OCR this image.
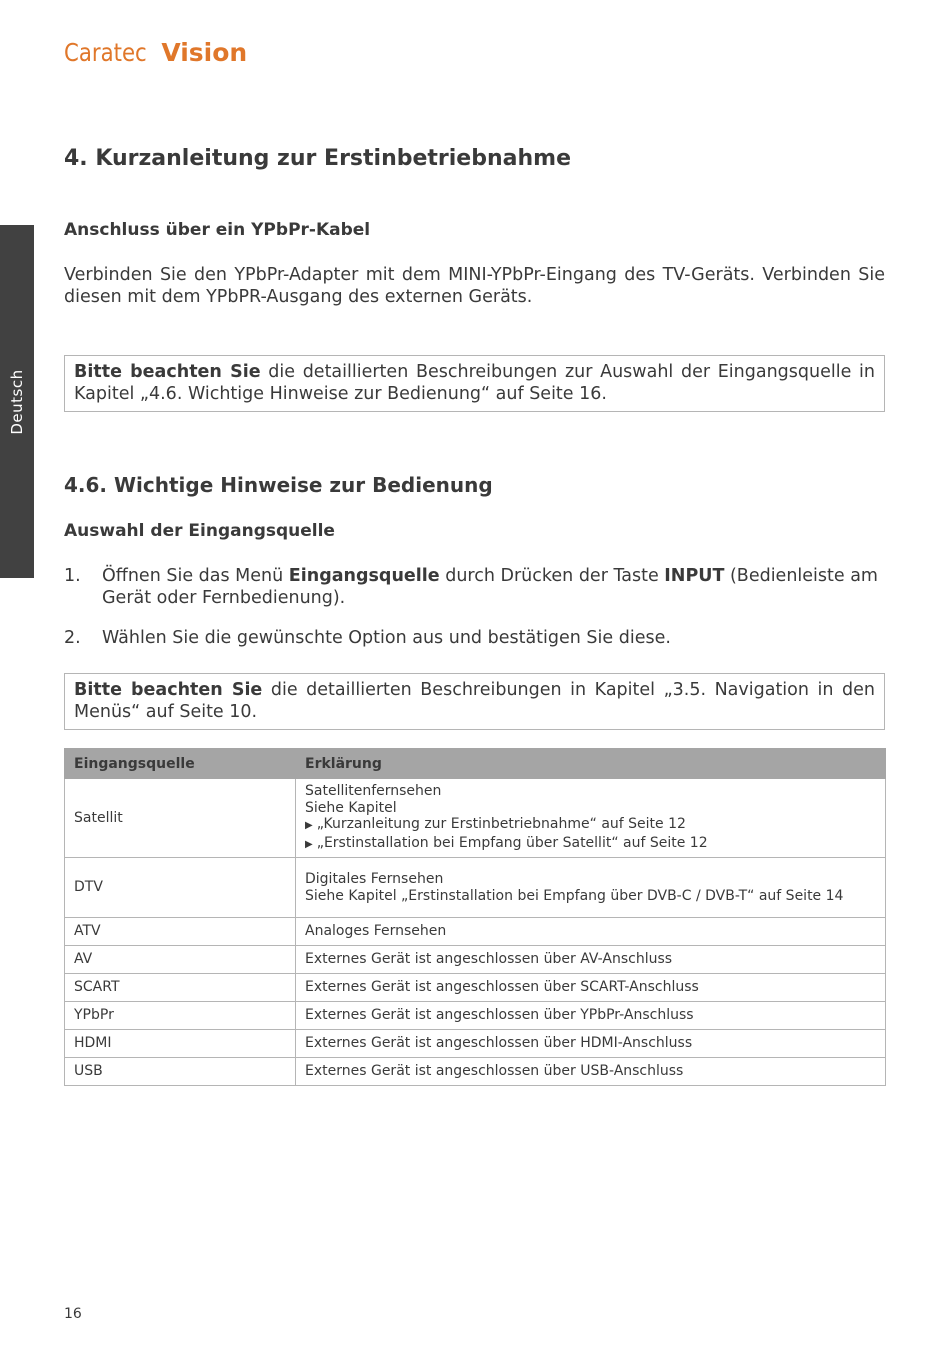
Caratec Vision
Deutsch
4. Kurzanleitung zur Erstinbetriebnahme
Anschluss über ein YPbPr-Kabel

Verbinden Sie den YPbPr-Adapter mit dem MINI-YPbPr-Eingang des TV-Geräts. Verbinden Sie diesen mit dem YPbPR-Ausgang des externen Geräts.

Bitte beachten Sie die detaillierten Beschreibungen zur Auswahl der Eingangsquelle in Kapitel „4.6. Wichtige Hinweise zur Bedienung“ auf Seite 16.
4.6. Wichtige Hinweise zur Bedienung
Auswahl der Eingangsquelle
1. Öffnen Sie das Menü Eingangsquelle durch Drücken der Taste INPUT (Bedienleiste am Gerät oder Fernbedienung).
2. Wählen Sie die gewünschte Option aus und bestätigen Sie diese.
Bitte beachten Sie die detaillierten Beschreibungen in Kapitel „3.5. Navigation in den Menüs“ auf Seite 10.
Eingangsquelle	Erklärung
Satellit	Satellitenfernsehen
Siehe Kapitel
▶ „Kurzanleitung zur Erstinbetriebnahme“ auf Seite 12
▶ „Erstinstallation bei Empfang über Satellit“ auf Seite 12

DTV	Digitales Fernsehen
Siehe Kapitel „Erstinstallation bei Empfang über DVB-C / DVB-T“ auf Seite 14

ATV	Analoges Fernsehen
AV	Externes Gerät ist angeschlossen über AV-Anschluss
SCART	Externes Gerät ist angeschlossen über SCART-Anschluss
YPbPr	Externes Gerät ist angeschlossen über YPbPr-Anschluss
HDMI	Externes Gerät ist angeschlossen über HDMI-Anschluss
USB	Externes Gerät ist angeschlossen über USB-Anschluss
16
